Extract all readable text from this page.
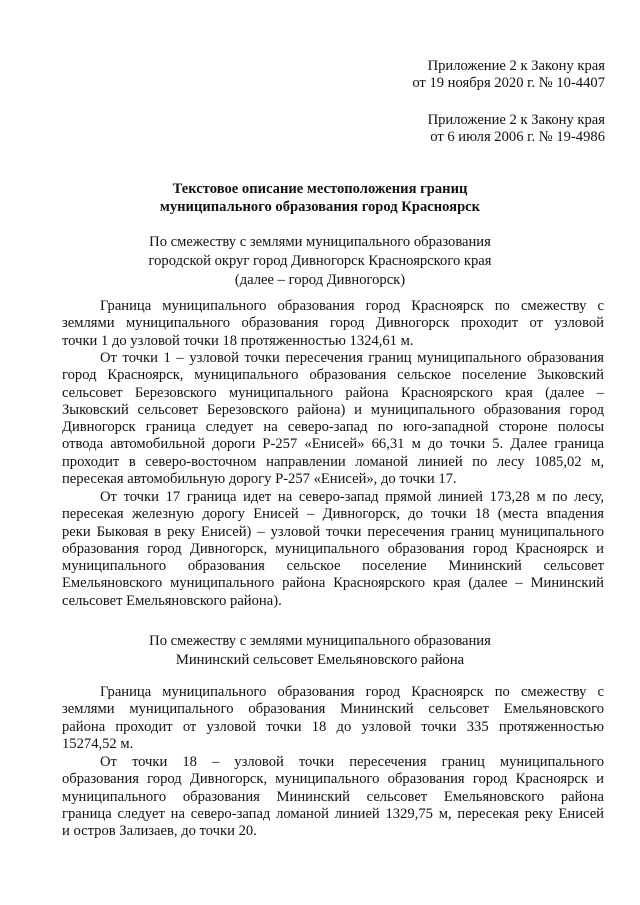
Приложение 2 к Закону края
от 19 ноября 2020 г. № 10-4407
Приложение 2 к Закону края
от 6 июля 2006 г. № 19-4986
Текстовое описание местоположения границ
муниципального образования город Красноярск
По смежеству с землями муниципального образования
городской округ город Дивногорск Красноярского края
(далее – город Дивногорск)
Граница муниципального образования город Красноярск по смежеству с
землями муниципального образования город Дивногорск проходит от узловой
точки 1 до узловой точки 18 протяженностью 1324,61 м.
От точки 1 – узловой точки пересечения границ муниципального образования
город Красноярск, муниципального образования сельское поселение Зыковский
сельсовет Березовского муниципального района Красноярского края (далее –
Зыковский сельсовет Березовского района) и муниципального образования город
Дивногорск граница следует на северо-запад по юго-западной стороне полосы
отвода автомобильной дороги Р-257 «Енисей» 66,31 м до точки 5. Далее граница
проходит в северо-восточном направлении ломаной линией по лесу 1085,02 м,
пересекая автомобильную дорогу Р-257 «Енисей», до точки 17.
От точки 17 граница идет на северо-запад прямой линией 173,28 м по лесу,
пересекая железную дорогу Енисей – Дивногорск, до точки 18 (места впадения
реки Быковая в реку Енисей) – узловой точки пересечения границ муниципального
образования город Дивногорск, муниципального образования город Красноярск и
муниципального образования сельское поселение Мининский сельсовет
Емельяновского муниципального района Красноярского края (далее – Мининский
сельсовет Емельяновского района).
По смежеству с землями муниципального образования
Мининский сельсовет Емельяновского района
Граница муниципального образования город Красноярск по смежеству с
землями муниципального образования Мининский сельсовет Емельяновского
района проходит от узловой точки 18 до узловой точки 335 протяженностью
15274,52 м.
От точки 18 – узловой точки пересечения границ муниципального
образования город Дивногорск, муниципального образования город Красноярск и
муниципального образования Мининский сельсовет Емельяновского района
граница следует на северо-запад ломаной линией 1329,75 м, пересекая реку Енисей
и остров Зализаев, до точки 20.
